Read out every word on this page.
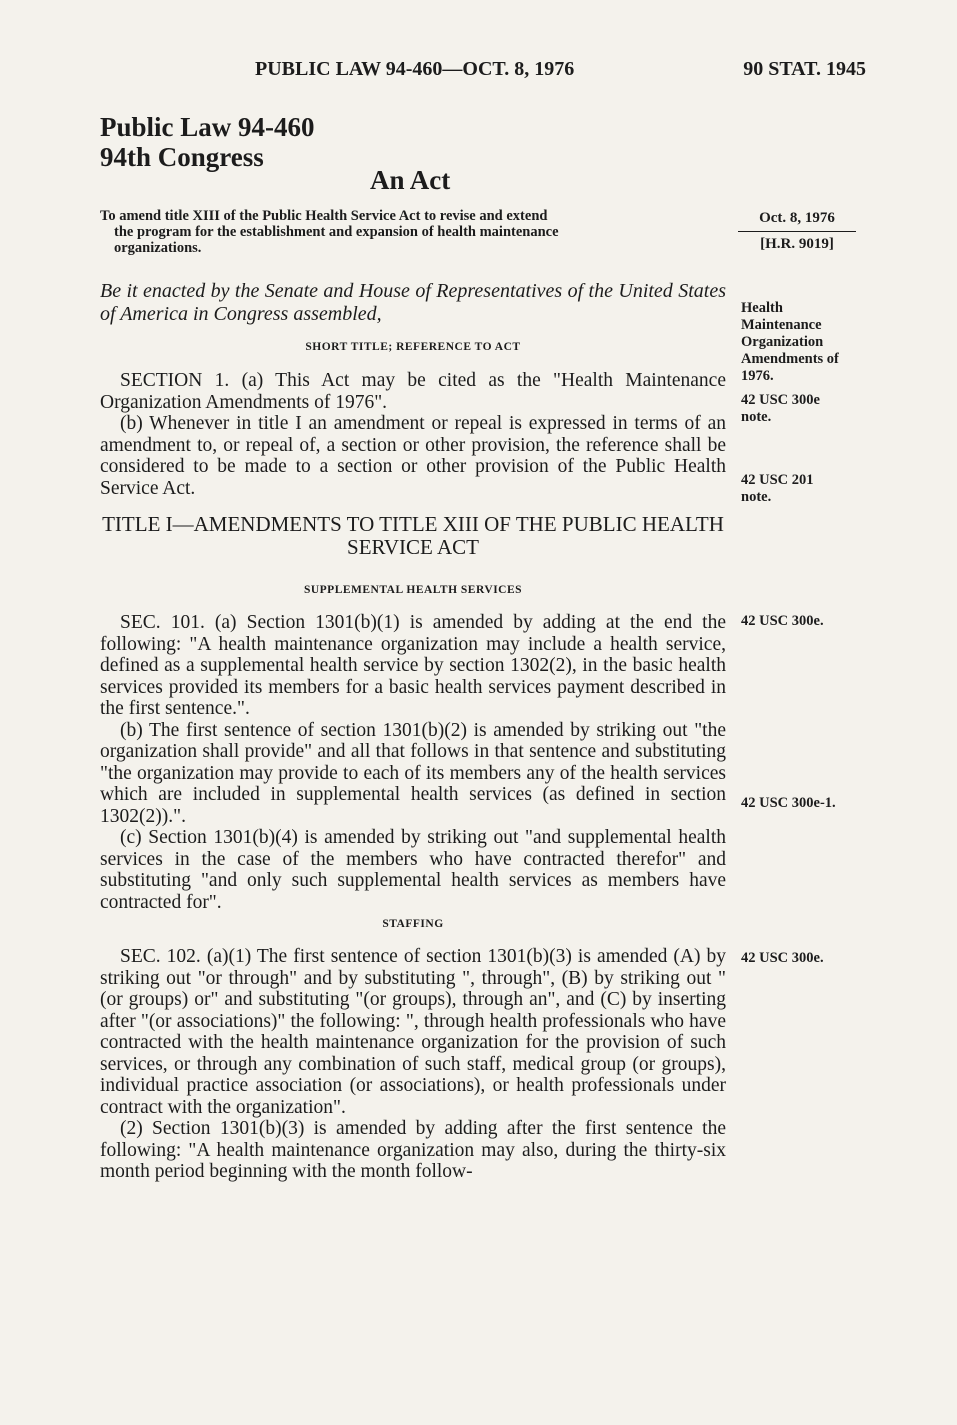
PUBLIC LAW 94-460—OCT. 8, 1976	90 STAT. 1945
Public Law 94-460
94th Congress
An Act
To amend title XIII of the Public Health Service Act to revise and extend
the program for the establishment and expansion of health maintenance
organizations.
Oct. 8, 1976
[H.R. 9019]
Be it enacted by the Senate and House of Representatives of the United States of America in Congress assembled,
SHORT TITLE; REFERENCE TO ACT

SECTION 1. (a) This Act may be cited as the "Health Maintenance Organization Amendments of 1976".

(b) Whenever in title I an amendment or repeal is expressed in terms of an amendment to, or repeal of, a section or other provision, the reference shall be considered to be made to a section or other provision of the Public Health Service Act.

TITLE I—AMENDMENTS TO TITLE XIII OF THE PUBLIC HEALTH SERVICE ACT
SUPPLEMENTAL HEALTH SERVICES

SEC. 101. (a) Section 1301(b)(1) is amended by adding at the end the following: "A health maintenance organization may include a health service, defined as a supplemental health service by section 1302(2), in the basic health services provided its members for a basic health services payment described in the first sentence.".

(b) The first sentence of section 1301(b)(2) is amended by striking out "the organization shall provide" and all that follows in that sentence and substituting "the organization may provide to each of its members any of the health services which are included in supplemental health services (as defined in section 1302(2)).".

(c) Section 1301(b)(4) is amended by striking out "and supplemental health services in the case of the members who have contracted therefor" and substituting "and only such supplemental health services as members have contracted for".

STAFFING

SEC. 102. (a)(1) The first sentence of section 1301(b)(3) is amended (A) by striking out "or through" and by substituting ", through", (B) by striking out "(or groups) or" and substituting "(or groups), through an", and (C) by inserting after "(or associations)" the following: ", through health professionals who have contracted with the health maintenance organization for the provision of such services, or through any combination of such staff, medical group (or groups), individual practice association (or associations), or health professionals under contract with the organization".

(2) Section 1301(b)(3) is amended by adding after the first sentence the following: "A health maintenance organization may also, during the thirty-six month period beginning with the month follow-

Health Maintenance Organization Amendments of 1976.
42 USC 300e note.
42 USC 201 note.
42 USC 300e.
42 USC 300e-1.
42 USC 300e.
